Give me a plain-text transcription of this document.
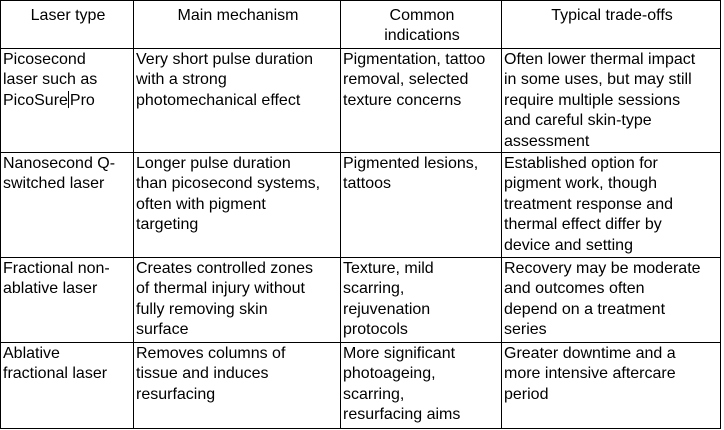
Laser type	Main mechanism	Common
indications	Typical trade-offs

Picosecond
laser such as
PicoSure Pro	Very short pulse duration
with a strong
photomechanical effect	Pigmentation, tattoo
removal, selected
texture concerns	Often lower thermal impact
in some uses, but may still
require multiple sessions
and careful skin-type
assessment

Nanosecond Q-
switched laser	Longer pulse duration
than picosecond systems,
often with pigment
targeting	Pigmented lesions,
tattoos	Established option for
pigment work, though
treatment response and
thermal effect differ by
device and setting

Fractional non-
ablative laser	Creates controlled zones
of thermal injury without
fully removing skin
surface	Texture, mild
scarring,
rejuvenation
protocols	Recovery may be moderate
and outcomes often
depend on a treatment
series

Ablative
fractional laser	Removes columns of
tissue and induces
resurfacing	More significant
photoageing,
scarring,
resurfacing aims	Greater downtime and a
more intensive aftercare
period
